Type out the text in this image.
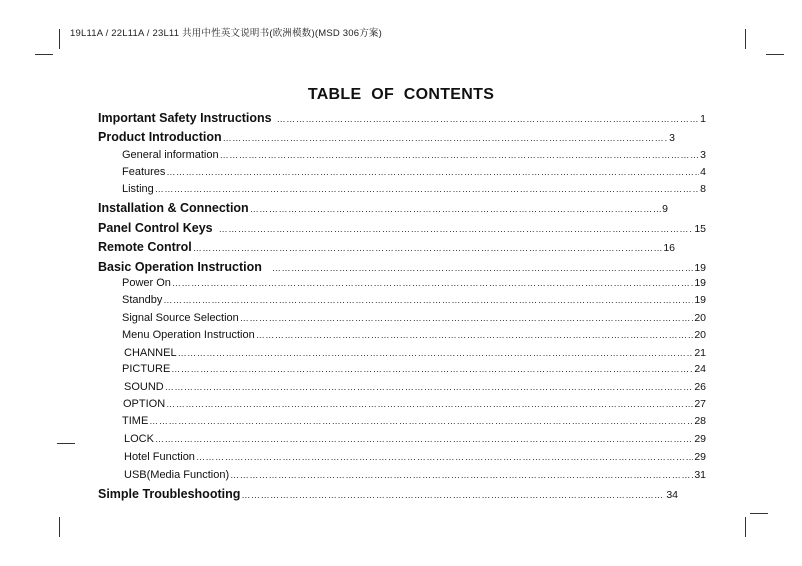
19L11A / 22L11A / 23L11 共用中性英文说明书(欧洲模数)(MSD 306方案)
TABLE OF CONTENTS
Important Safety Instructions …………………………………………………………………………………………………………………………………………………………………………………………………………………………………………	1
Product Introduction …………………………………………………………………………………………………………………………………………………………………………………………………………………………………………	3
General information …………………………………………………………………………………………………………………………………………………………………………………………………………………………………………	3
Features …………………………………………………………………………………………………………………………………………………………………………………………………………………………………………	4
Listing …………………………………………………………………………………………………………………………………………………………………………………………………………………………………………	8
Installation & Connection …………………………………………………………………………………………………………………………………………………………………………………………………………………………………………	9
Panel Control Keys …………………………………………………………………………………………………………………………………………………………………………………………………………………………………………	15
Remote Control …………………………………………………………………………………………………………………………………………………………………………………………………………………………………………	16
Basic Operation Instruction …………………………………………………………………………………………………………………………………………………………………………………………………………………………………………	19
Power On …………………………………………………………………………………………………………………………………………………………………………………………………………………………………………	19
Standby …………………………………………………………………………………………………………………………………………………………………………………………………………………………………………	19
Signal Source Selection …………………………………………………………………………………………………………………………………………………………………………………………………………………………………………	20
Menu Operation Instruction …………………………………………………………………………………………………………………………………………………………………………………………………………………………………………	20
CHANNEL …………………………………………………………………………………………………………………………………………………………………………………………………………………………………………	21
PICTURE …………………………………………………………………………………………………………………………………………………………………………………………………………………………………………	24
SOUND …………………………………………………………………………………………………………………………………………………………………………………………………………………………………………	26
OPTION …………………………………………………………………………………………………………………………………………………………………………………………………………………………………………	27
TIME …………………………………………………………………………………………………………………………………………………………………………………………………………………………………………	28
LOCK …………………………………………………………………………………………………………………………………………………………………………………………………………………………………………	29
Hotel Function …………………………………………………………………………………………………………………………………………………………………………………………………………………………………………	29
USB(Media Function) …………………………………………………………………………………………………………………………………………………………………………………………………………………………………………	31
Simple Troubleshooting …………………………………………………………………………………………………………………………………………………………………………………………………………………………………………	34
